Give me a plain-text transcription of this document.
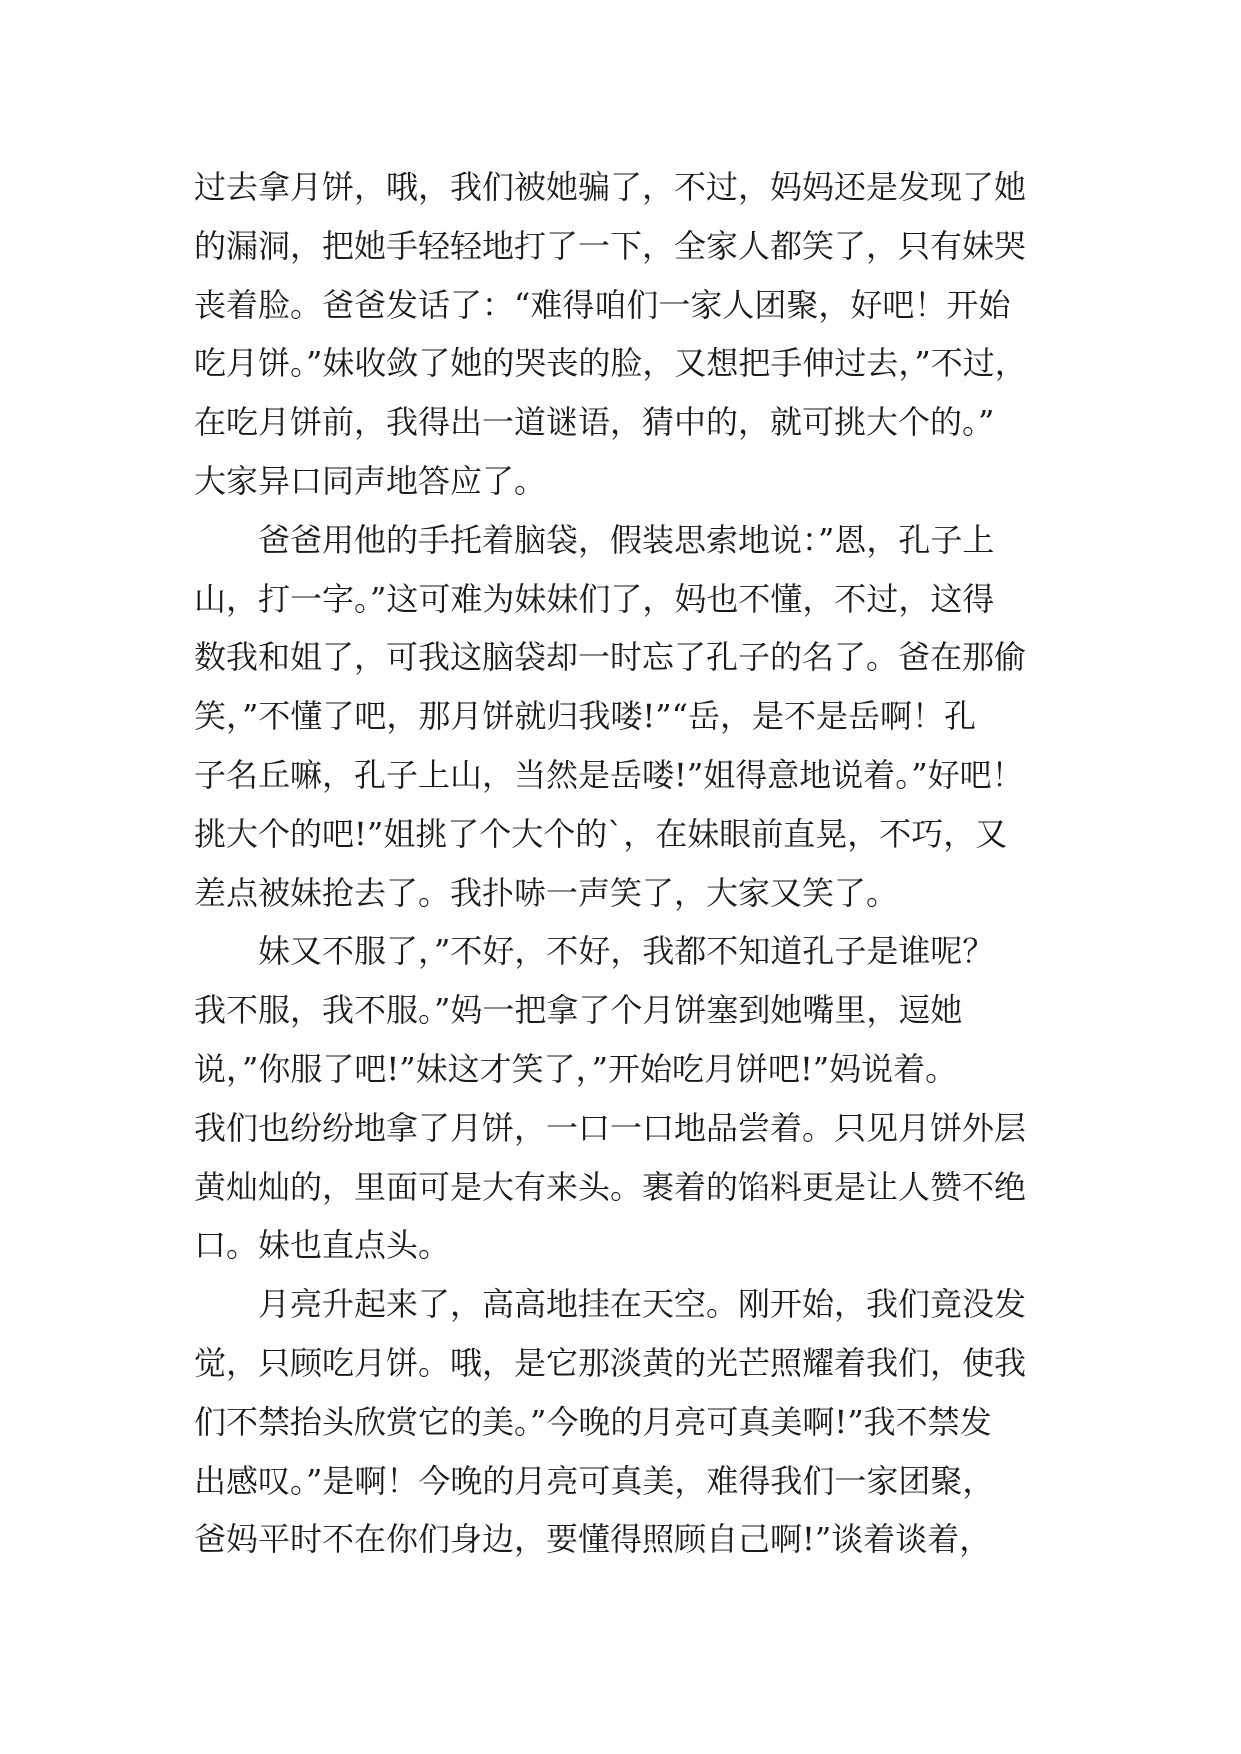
过去拿月饼，哦，我们被她骗了，不过，妈妈还是发现了她
的漏洞，把她手轻轻地打了一下，全家人都笑了，只有妹哭
丧着脸。爸爸发话了：“难得咱们一家人团聚，好吧！开始
吃月饼。”妹收敛了她的哭丧的脸，又想把手伸过去，”不过，
在吃月饼前，我得出一道谜语，猜中的，就可挑大个的。”
大家异口同声地答应了。
爸爸用他的手托着脑袋，假装思索地说：”恩，孔子上
山，打一字。”这可难为妹妹们了，妈也不懂，不过，这得
数我和姐了，可我这脑袋却一时忘了孔子的名了。爸在那偷
笑，”不懂了吧，那月饼就归我喽!”“岳，是不是岳啊！孔
子名丘嘛，孔子上山，当然是岳喽!”姐得意地说着。”好吧！
挑大个的吧!”姐挑了个大个的`，在妹眼前直晃，不巧，又
差点被妹抢去了。我扑哧一声笑了，大家又笑了。
妹又不服了，”不好，不好，我都不知道孔子是谁呢？
我不服，我不服。”妈一把拿了个月饼塞到她嘴里，逗她
说，”你服了吧!”妹这才笑了，”开始吃月饼吧!”妈说着。
我们也纷纷地拿了月饼，一口一口地品尝着。只见月饼外层
黄灿灿的，里面可是大有来头。裹着的馅料更是让人赞不绝
口。妹也直点头。
月亮升起来了，高高地挂在天空。刚开始，我们竟没发
觉，只顾吃月饼。哦，是它那淡黄的光芒照耀着我们，使我
们不禁抬头欣赏它的美。”今晚的月亮可真美啊!”我不禁发
出感叹。”是啊！今晚的月亮可真美，难得我们一家团聚，
爸妈平时不在你们身边，要懂得照顾自己啊!”谈着谈着，
